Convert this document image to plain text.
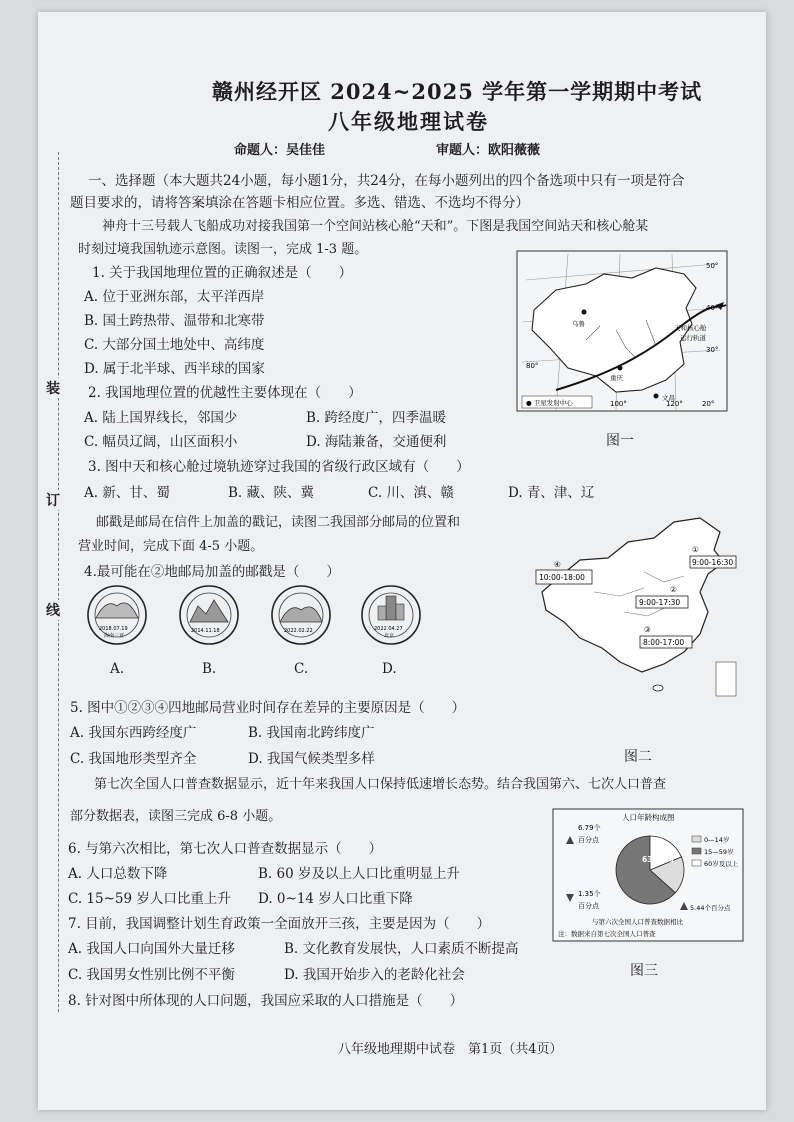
装
订
线
赣州经开区 2024~2025 学年第一学期期中考试
八年级地理试卷
命题人：吴佳佳	审题人：欧阳薇薇
一、选择题（本大题共24小题，每小题1分，共24分，在每小题列出的四个备选项中只有一项是符合
题目要求的，请将答案填涂在答题卡相应位置。多选、错选、不选均不得分）
神舟十三号载人飞船成功对接我国第一个空间站核心舱“天和”。下图是我国空间站天和核心舱某
时刻过境我国轨迹示意图。读图一，完成 1-3 题。
1. 关于我国地理位置的正确叙述是（　　）
A. 位于亚洲东部，太平洋西岸
B. 国土跨热带、温带和北寒带
C. 大部分国土地处中、高纬度
D. 属于北半球、西半球的国家
2. 我国地理位置的优越性主要体现在（　　）
A. 陆上国界线长，邻国少	B. 跨经度广，四季温暖
C. 幅员辽阔，山区面积小	D. 海陆兼备，交通便利
3. 图中天和核心舱过境轨迹穿过我国的省级行政区域有（　　）
A. 新、甘、蜀	B. 藏、陕、冀	C. 川、滇、赣	D. 青、津、辽
● 卫星发射中心
50°
40°
30°
20°
80°
100°	120°
天和核心舱
运行轨道
乌鲁
重庆
文昌
图一
邮戳是邮局在信件上加盖的戳记，读图二我国部分邮局的位置和
营业时间，完成下面 4-5 小题。
4.最可能在②地邮局加盖的邮戳是（　　）
2018.07.19
海南三亚
2014.11.18	2022.02.22	2022.04.27
北京
A.	B.	C.	D.
10:00-18:00
④	9:00-16:30
①
9:00-17:30
②
8:00-17:00
③
图二
5. 图中①②③④四地邮局营业时间存在差异的主要原因是（　　）
A. 我国东西跨经度广	B. 我国南北跨纬度广
C. 我国地形类型齐全	D. 我国气候类型多样
第七次全国人口普查数据显示，近十年来我国人口保持低速增长态势。结合我国第六、七次人口普查
部分数据表，读图三完成 6-8 小题。
6. 与第六次相比，第七次人口普查数据显示（　　）
A. 人口总数下降	B. 60 岁及以上人口比重明显上升
C. 15~59 岁人口比重上升 D. 0~14 岁人口比重下降
7. 目前，我国调整计划生育政策一全面放开三孩，主要是因为（　　）
A. 我国人口向国外大量迁移	B. 文化教育发展快，人口素质不断提高
C. 我国男女性别比例不平衡	D. 我国开始步入的老龄化社会
8. 针对图中所体现的人口问题，我国应采取的人口措施是（　　）
人口年龄构成图
63.35%
6.79个
百分点
1.35个
百分点	5.44个百分点
0—14岁
15—59岁
60岁及以上
与第六次全国人口普查数据相比
注：数据来自第七次全国人口普查
图三
八年级地理期中试卷　第1页（共4页）
